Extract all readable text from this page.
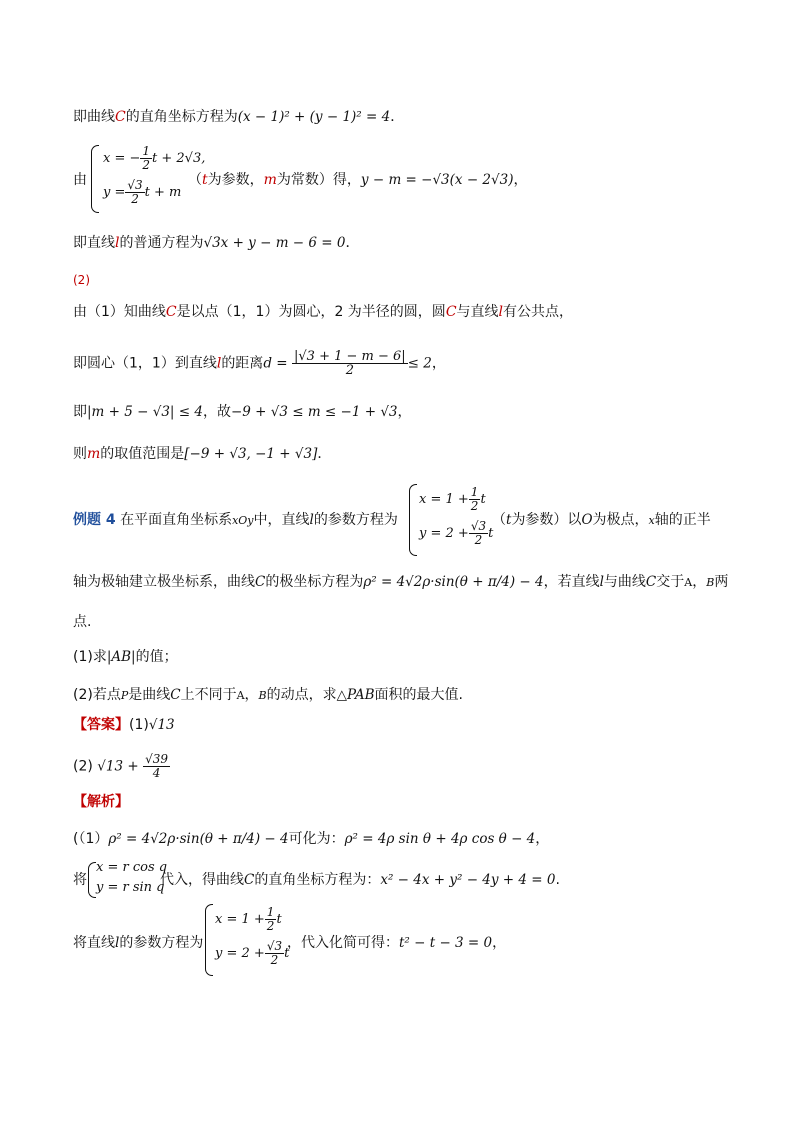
即曲线C的直角坐标方程为(x − 1)² + (y − 1)² = 4．
由
x = − $\frac{1}{2}$ t + 2√3,
$y = \frac{√3}{2}$ t + m
（t为参数，m为常数）得，y − m = −√3(x − 2√3)，
即直线l的普通方程为√3x + y − m − 6 = 0．
(2)
由（1）知曲线C是以点（1，1）为圆心，2 为半径的圆，圆C与直线l有公共点，
即圆心（1，1）到直线l的距离$d = \frac{|√3 + 1 - m - 6|}{2} \le 2$，
即|m + 5 − √3| ≤ 4，故−9 + √3 ≤ m ≤ −1 + √3，
则m的取值范围是[−9 + √3, −1 + √3]．
例题 4 在平面直角坐标系xOy中，直线l的参数方程为
$x = 1 + \frac{1}{2}$ t
$y = 2 + \frac{√3}{2}$ t
（t为参数）以O为极点，x轴的正半
轴为极轴建立极坐标系，曲线C的极坐标方程为ρ² = 4√2ρ·sin(θ + π/4) − 4，若直线l与曲线C交于A，B两
点.
(1)求|AB|的值；
(2)若点P是曲线C上不同于A，B的动点，求△PAB面积的最大值.
【答案】(1)√13
(2) $√13 + \frac{√39}{4}$
【解析】
(（1）ρ² = 4√2ρ·sin(θ + π/4) − 4可化为：ρ² = 4ρ sin θ + 4ρ cos θ − 4，
将
x = r cos q
y = r sin q
代入，得曲线C的直角坐标方程为：x² − 4x + y² − 4y + 4 = 0.
将直线l的参数方程为
$x = 1 + \frac{1}{2}$ t
$y = 2 + \frac{√3}{2}$ t
，代入化简可得：t² − t − 3 = 0，
